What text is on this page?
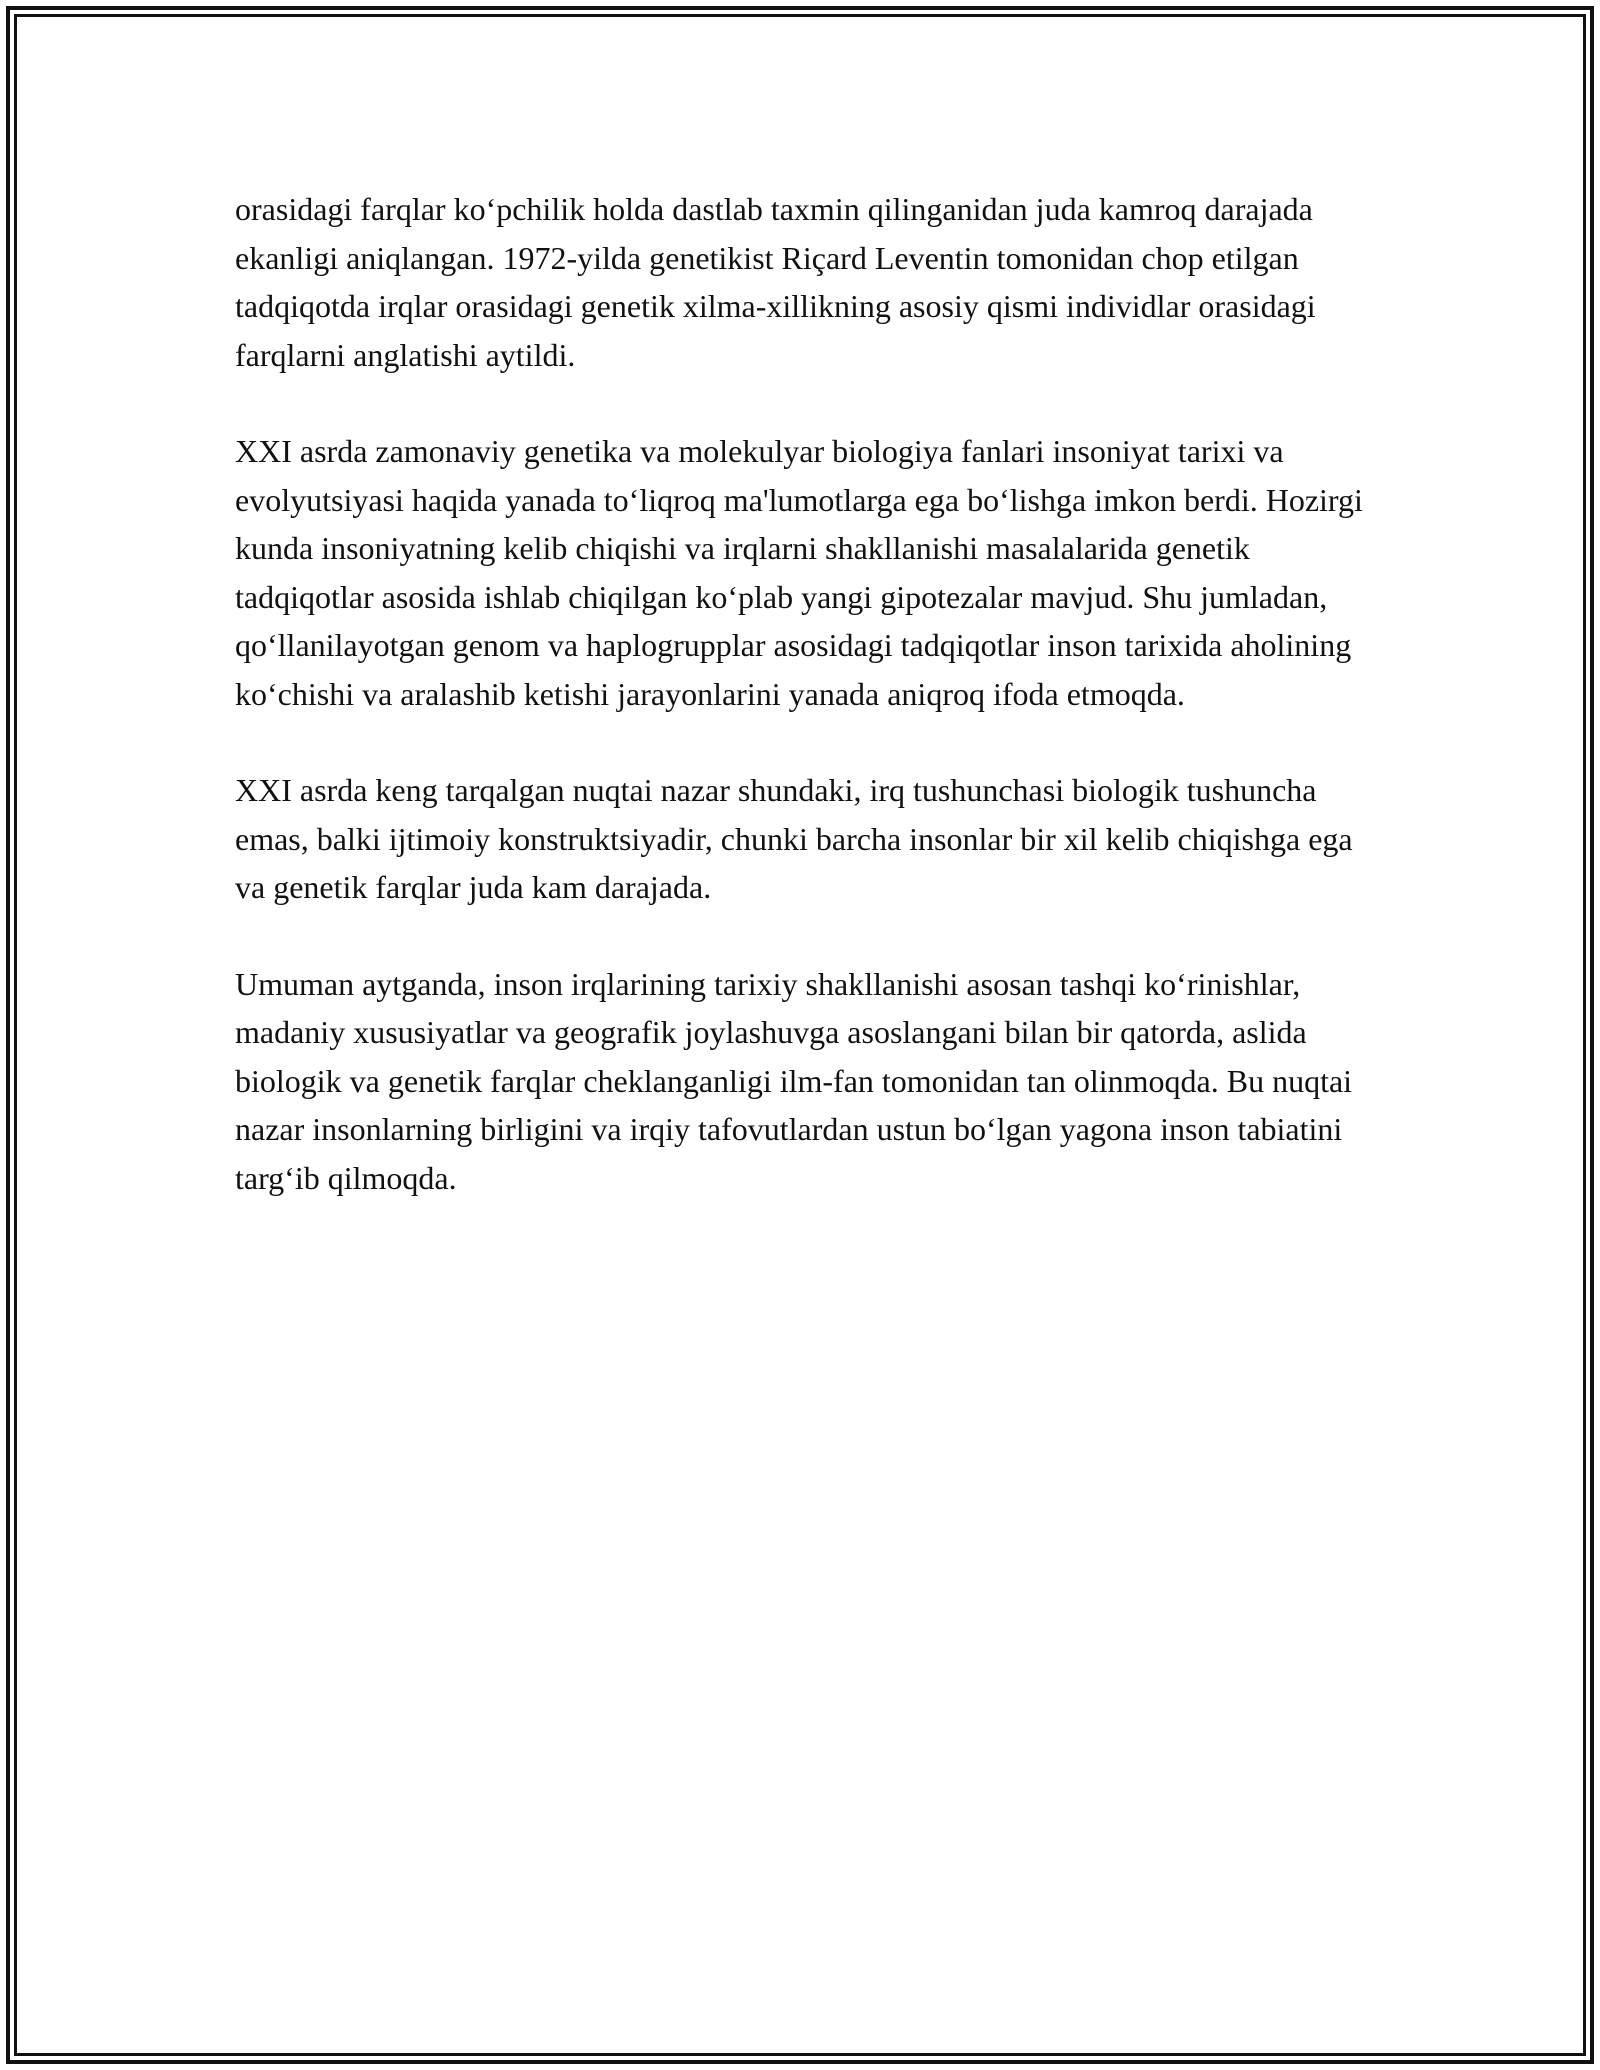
orasidagi farqlar ko‘pchilik holda dastlab taxmin qilinganidan juda kamroq darajada ekanligi aniqlangan. 1972-yilda genetikist Riçard Leventin tomonidan chop etilgan tadqiqotda irqlar orasidagi genetik xilma-xillikning asosiy qismi individlar orasidagi farqlarni anglatishi aytildi.

XXI asrda zamonaviy genetika va molekulyar biologiya fanlari insoniyat tarixi va evolyutsiyasi haqida yanada to‘liqroq ma'lumotlarga ega bo‘lishga imkon berdi. Hozirgi kunda insoniyatning kelib chiqishi va irqlarni shakllanishi masalalarida genetik tadqiqotlar asosida ishlab chiqilgan ko‘plab yangi gipotezalar mavjud. Shu jumladan, qo‘llanilayotgan genom va haplogrupplar asosidagi tadqiqotlar inson tarixida aholining ko‘chishi va aralashib ketishi jarayonlarini yanada aniqroq ifoda etmoqda.

XXI asrda keng tarqalgan nuqtai nazar shundaki, irq tushunchasi biologik tushuncha emas, balki ijtimoiy konstruktsiyadir, chunki barcha insonlar bir xil kelib chiqishga ega va genetik farqlar juda kam darajada.

Umuman aytganda, inson irqlarining tarixiy shakllanishi asosan tashqi ko‘rinishlar, madaniy xususiyatlar va geografik joylashuvga asoslangani bilan bir qatorda, aslida biologik va genetik farqlar cheklanganligi ilm-fan tomonidan tan olinmoqda. Bu nuqtai nazar insonlarning birligini va irqiy tafovutlardan ustun bo‘lgan yagona inson tabiatini targ‘ib qilmoqda.
